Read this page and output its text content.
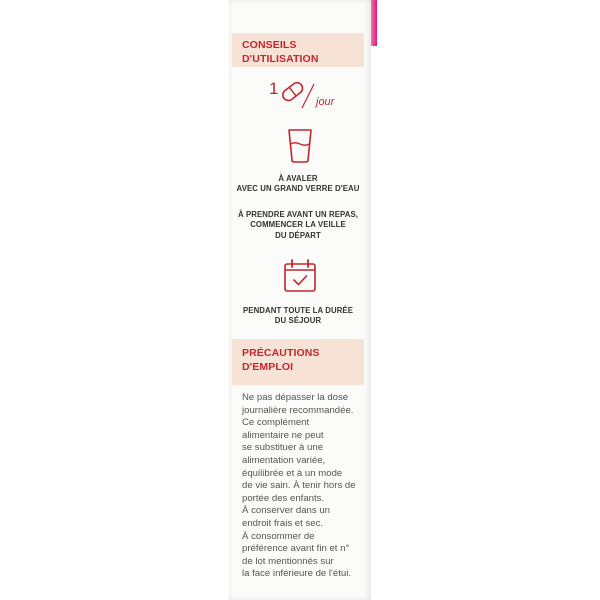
CONSEILS
D'UTILISATION
1
jour
À AVALER
AVEC UN GRAND VERRE D'EAU
À PRENDRE AVANT UN REPAS,
COMMENCER LA VEILLE
DU DÉPART
PENDANT TOUTE LA DURÉE
DU SÉJOUR
PRÉCAUTIONS
D'EMPLOI
Ne pas dépasser la dose
journalière recommandée.
Ce complément
alimentaire ne peut
se substituer à une
alimentation variée,
équilibrée et à un mode
de vie sain. À tenir hors de
portée des enfants.
À conserver dans un
endroit frais et sec.
À consommer de
préférence avant fin et n°
de lot mentionnés sur
la face inférieure de l'étui.
